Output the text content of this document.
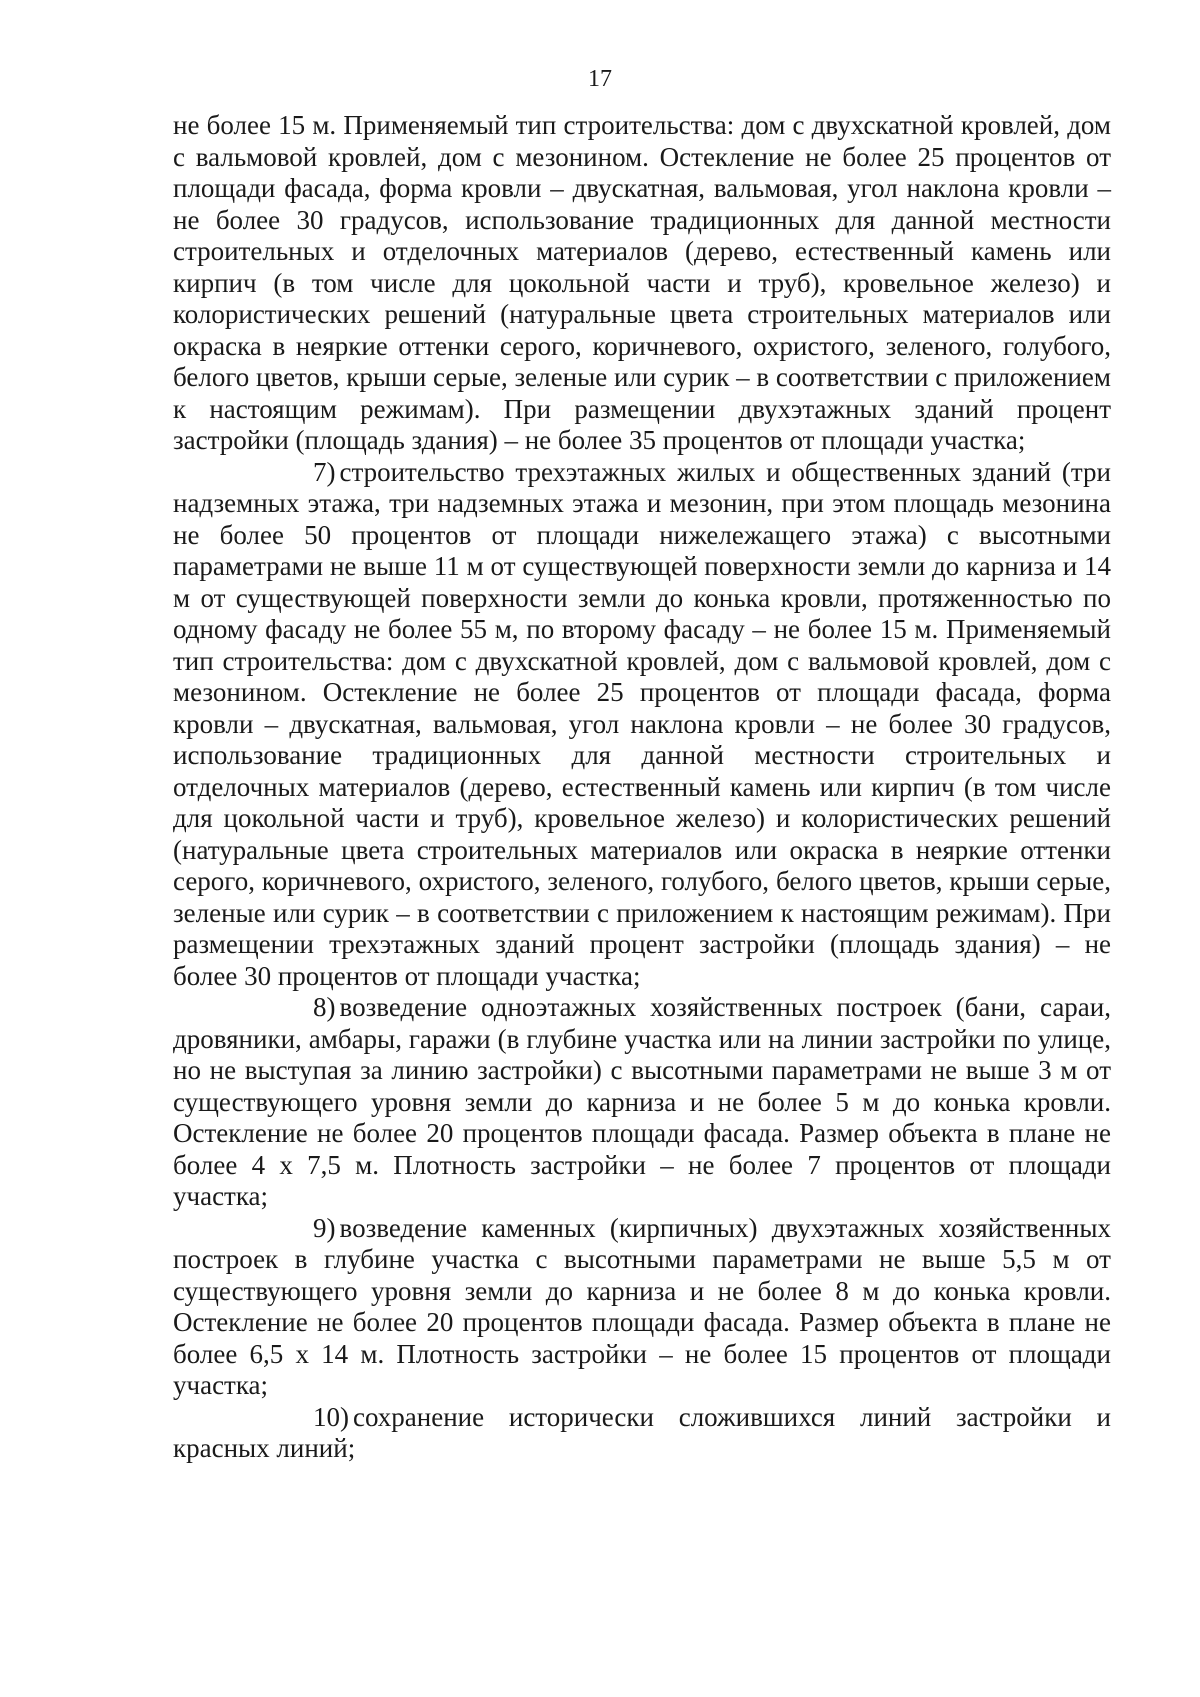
17

не более 15 м. Применяемый тип строительства: дом с двухскатной кровлей, дом с вальмовой кровлей, дом с мезонином. Остекление не более 25 процентов от площади фасада, форма кровли – двускатная, вальмовая, угол наклона кровли – не более 30 градусов, использование традиционных для данной местности строительных и отделочных материалов (дерево, естественный камень или кирпич (в том числе для цокольной части и труб), кровельное железо) и колористических решений (натуральные цвета строительных материалов или окраска в неяркие оттенки серого, коричневого, охристого, зеленого, голубого, белого цветов, крыши серые, зеленые или сурик – в соответствии с приложением к настоящим режимам). При размещении двухэтажных зданий процент застройки (площадь здания) – не более 35 процентов от площади участка;

7) строительство трехэтажных жилых и общественных зданий (три надземных этажа, три надземных этажа и мезонин, при этом площадь мезонина не более 50 процентов от площади нижележащего этажа) с высотными параметрами не выше 11 м от существующей поверхности земли до карниза и 14 м от существующей поверхности земли до конька кровли, протяженностью по одному фасаду не более 55 м, по второму фасаду – не более 15 м. Применяемый тип строительства: дом с двухскатной кровлей, дом с вальмовой кровлей, дом с мезонином. Остекление не более 25 процентов от площади фасада, форма кровли – двускатная, вальмовая, угол наклона кровли – не более 30 градусов, использование традиционных для данной местности строительных и отделочных материалов (дерево, естественный камень или кирпич (в том числе для цокольной части и труб), кровельное железо) и колористических решений (натуральные цвета строительных материалов или окраска в неяркие оттенки серого, коричневого, охристого, зеленого, голубого, белого цветов, крыши серые, зеленые или сурик – в соответствии с приложением к настоящим режимам). При размещении трехэтажных зданий процент застройки (площадь здания) – не более 30 процентов от площади участка;

8) возведение одноэтажных хозяйственных построек (бани, сараи, дровяники, амбары, гаражи (в глубине участка или на линии застройки по улице, но не выступая за линию застройки) с высотными параметрами не выше 3 м от существующего уровня земли до карниза и не более 5 м до конька кровли. Остекление не более 20 процентов площади фасада. Размер объекта в плане не более 4 х 7,5 м. Плотность застройки – не более 7 процентов от площади участка;

9) возведение каменных (кирпичных) двухэтажных хозяйственных построек в глубине участка с высотными параметрами не выше 5,5 м от существующего уровня земли до карниза и не более 8 м до конька кровли. Остекление не более 20 процентов площади фасада. Размер объекта в плане не более 6,5 х 14 м. Плотность застройки – не более 15 процентов от площади участка;

10) сохранение исторически сложившихся линий застройки и красных линий;
